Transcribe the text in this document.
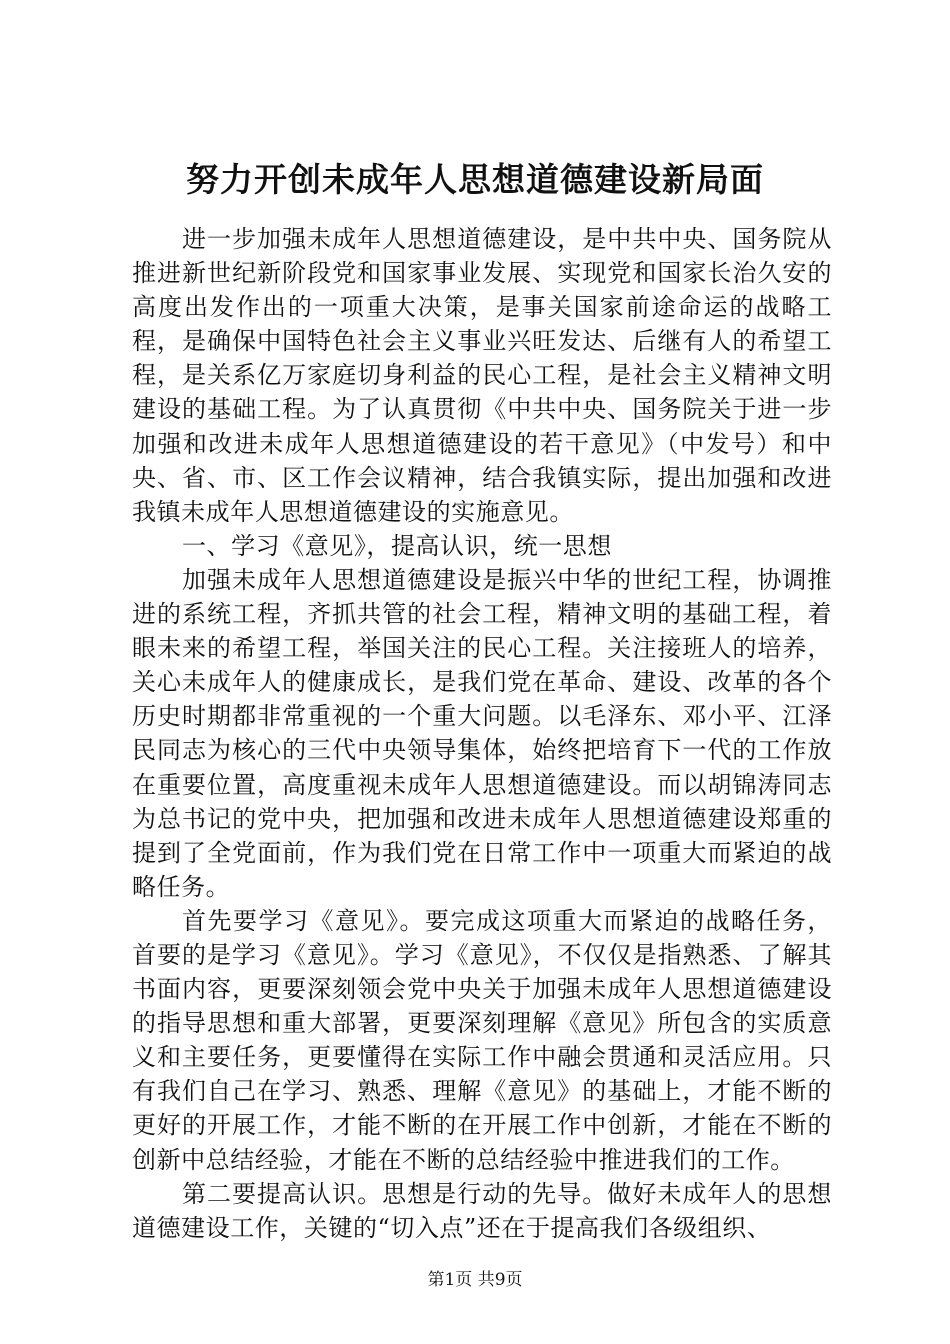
努力开创未成年人思想道德建设新局面

进一步加强未成年人思想道德建设，是中共中央、国务院从推进新世纪新阶段党和国家事业发展、实现党和国家长治久安的高度出发作出的一项重大决策，是事关国家前途命运的战略工程，是确保中国特色社会主义事业兴旺发达、后继有人的希望工程，是关系亿万家庭切身利益的民心工程，是社会主义精神文明建设的基础工程。为了认真贯彻《中共中央、国务院关于进一步加强和改进未成年人思想道德建设的若干意见》（中发号）和中央、省、市、区工作会议精神，结合我镇实际，提出加强和改进我镇未成年人思想道德建设的实施意见。

一、学习《意见》，提高认识，统一思想

加强未成年人思想道德建设是振兴中华的世纪工程，协调推进的系统工程，齐抓共管的社会工程，精神文明的基础工程，着眼未来的希望工程，举国关注的民心工程。关注接班人的培养，关心未成年人的健康成长，是我们党在革命、建设、改革的各个历史时期都非常重视的一个重大问题。以毛泽东、邓小平、江泽民同志为核心的三代中央领导集体，始终把培育下一代的工作放在重要位置，高度重视未成年人思想道德建设。而以胡锦涛同志为总书记的党中央，把加强和改进未成年人思想道德建设郑重的提到了全党面前，作为我们党在日常工作中一项重大而紧迫的战略任务。

首先要学习《意见》。要完成这项重大而紧迫的战略任务，首要的是学习《意见》。学习《意见》，不仅仅是指熟悉、了解其书面内容，更要深刻领会党中央关于加强未成年人思想道德建设的指导思想和重大部署，更要深刻理解《意见》所包含的实质意义和主要任务，更要懂得在实际工作中融会贯通和灵活应用。只有我们自己在学习、熟悉、理解《意见》的基础上，才能不断的更好的开展工作，才能不断的在开展工作中创新，才能在不断的创新中总结经验，才能在不断的总结经验中推进我们的工作。

第二要提高认识。思想是行动的先导。做好未成年人的思想道德建设工作，关键的“切入点”还在于提高我们各级组织、

第1页 共9页
